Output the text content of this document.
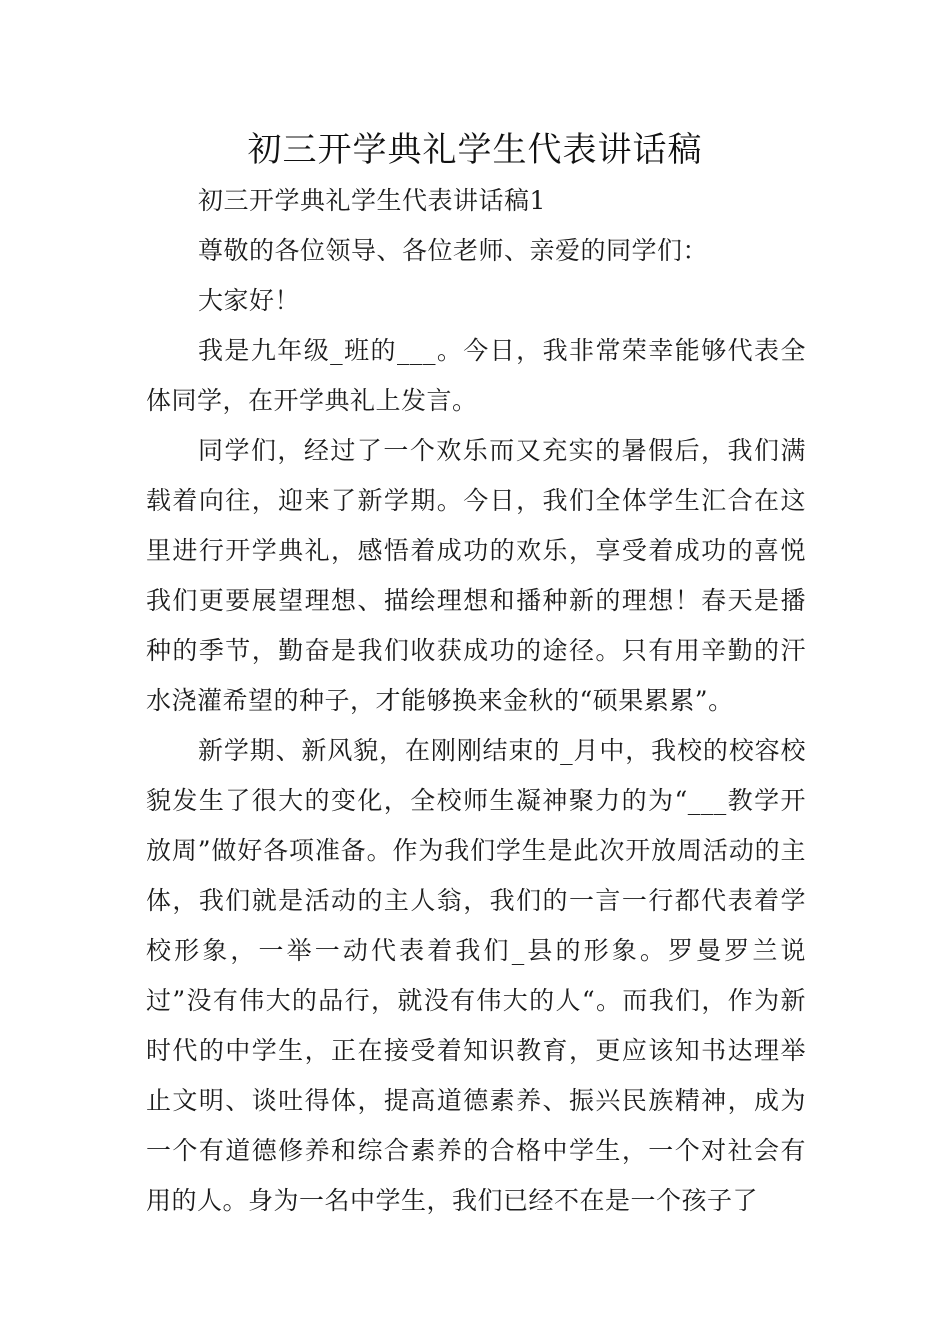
初三开学典礼学生代表讲话稿

初三开学典礼学生代表讲话稿1

尊敬的各位领导、各位老师、亲爱的同学们：

大家好！

我是九年级_班的___。今日，我非常荣幸能够代表全体同学，在开学典礼上发言。

同学们，经过了一个欢乐而又充实的暑假后，我们满载着向往，迎来了新学期。今日，我们全体学生汇合在这里进行开学典礼，感悟着成功的欢乐，享受着成功的喜悦我们更要展望理想、描绘理想和播种新的理想！春天是播种的季节，勤奋是我们收获成功的途径。只有用辛勤的汗水浇灌希望的种子，才能够换来金秋的“硕果累累”。

新学期、新风貌，在刚刚结束的_月中，我校的校容校貌发生了很大的变化，全校师生凝神聚力的为“___教学开放周”做好各项准备。作为我们学生是此次开放周活动的主体，我们就是活动的主人翁，我们的一言一行都代表着学校形象，一举一动代表着我们_县的形象。罗曼罗兰说过”没有伟大的品行，就没有伟大的人“。而我们，作为新时代的中学生，正在接受着知识教育，更应该知书达理举止文明、谈吐得体，提高道德素养、振兴民族精神，成为一个有道德修养和综合素养的合格中学生，一个对社会有用的人。身为一名中学生，我们已经不在是一个孩子了
